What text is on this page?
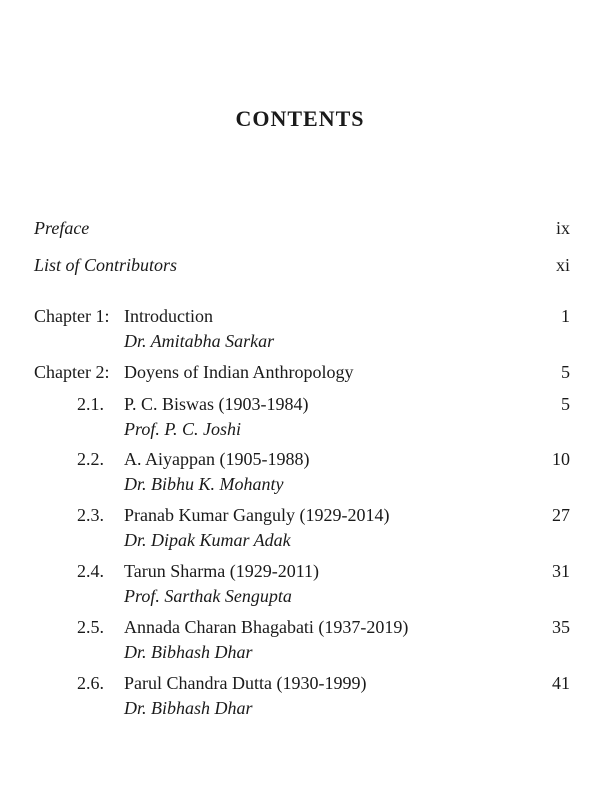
CONTENTS
Preface	ix
List of Contributors	xi
Chapter 1: Introduction	1
Dr. Amitabha Sarkar
Chapter 2: Doyens of Indian Anthropology	5
2.1. P. C. Biswas (1903-1984)	5
Prof. P. C. Joshi
2.2. A. Aiyappan (1905-1988)	10
Dr. Bibhu K. Mohanty
2.3. Pranab Kumar Ganguly (1929-2014)	27
Dr. Dipak Kumar Adak
2.4. Tarun Sharma (1929-2011)	31
Prof. Sarthak Sengupta
2.5. Annada Charan Bhagabati (1937-2019)	35
Dr. Bibhash Dhar
2.6. Parul Chandra Dutta (1930-1999)	41
Dr. Bibhash Dhar
